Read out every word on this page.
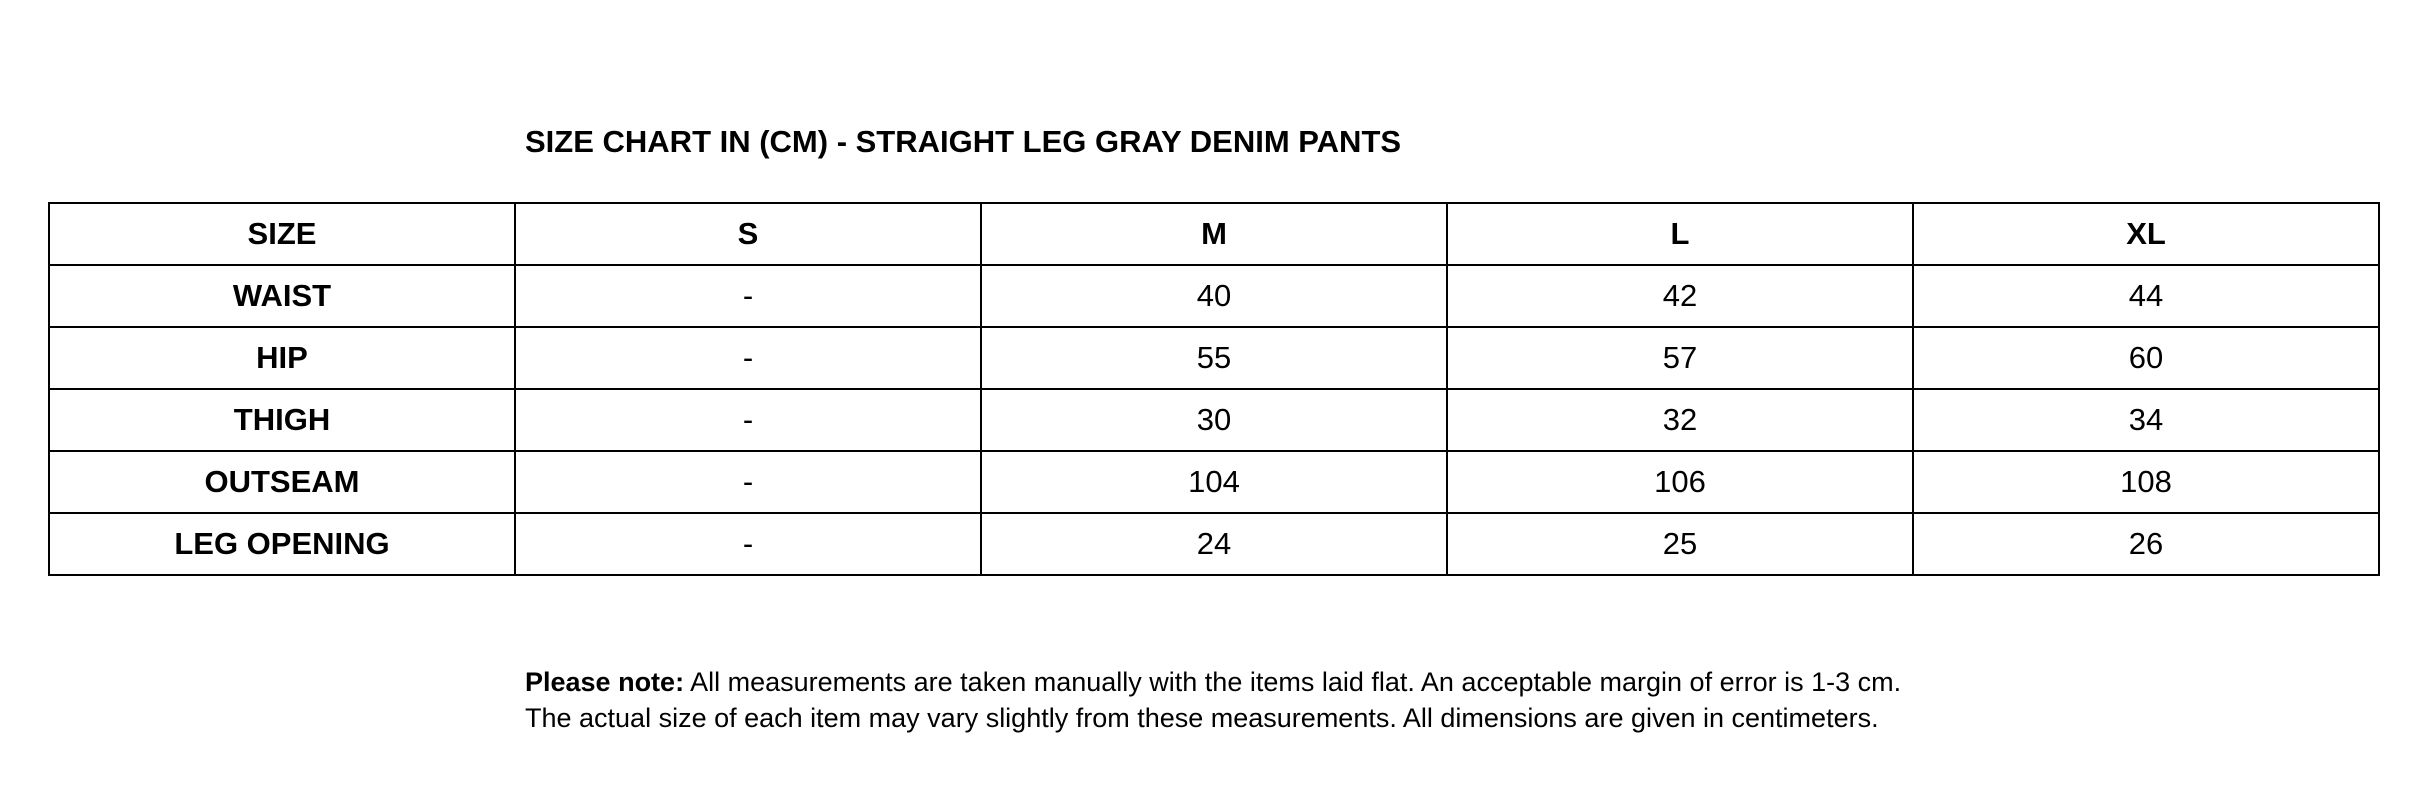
SIZE CHART IN (CM) - STRAIGHT LEG GRAY DENIM PANTS
SIZE	S	M	L	XL
WAIST	-	40	42	44
HIP	-	55	57	60
THIGH	-	30	32	34
OUTSEAM	-	104	106	108
LEG OPENING	-	24	25	26
Please note: All measurements are taken manually with the items laid flat. An acceptable margin of error is 1-3 cm.
The actual size of each item may vary slightly from these measurements. All dimensions are given in centimeters.
